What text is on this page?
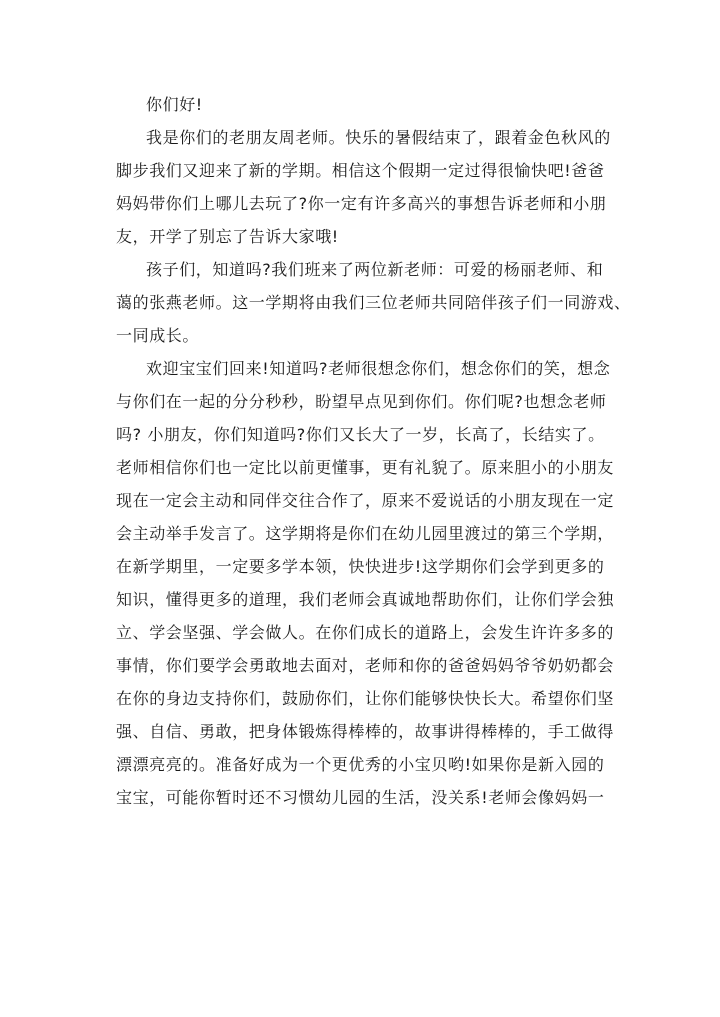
你们好!
我是你们的老朋友周老师。快乐的暑假结束了，跟着金色秋风的
脚步我们又迎来了新的学期。相信这个假期一定过得很愉快吧!爸爸
妈妈带你们上哪儿去玩了?你一定有许多高兴的事想告诉老师和小朋
友，开学了别忘了告诉大家哦!
孩子们，知道吗?我们班来了两位新老师：可爱的杨丽老师、和
蔼的张燕老师。这一学期将由我们三位老师共同陪伴孩子们一同游戏、
一同成长。
欢迎宝宝们回来!知道吗?老师很想念你们，想念你们的笑，想念
与你们在一起的分分秒秒，盼望早点见到你们。你们呢?也想念老师
吗? 小朋友，你们知道吗?你们又长大了一岁，长高了，长结实了。
老师相信你们也一定比以前更懂事，更有礼貌了。原来胆小的小朋友
现在一定会主动和同伴交往合作了，原来不爱说话的小朋友现在一定
会主动举手发言了。这学期将是你们在幼儿园里渡过的第三个学期，
在新学期里，一定要多学本领，快快进步!这学期你们会学到更多的
知识，懂得更多的道理，我们老师会真诚地帮助你们，让你们学会独
立、学会坚强、学会做人。在你们成长的道路上，会发生许许多多的
事情，你们要学会勇敢地去面对，老师和你的爸爸妈妈爷爷奶奶都会
在你的身边支持你们，鼓励你们，让你们能够快快长大。希望你们坚
强、自信、勇敢，把身体锻炼得棒棒的，故事讲得棒棒的，手工做得
漂漂亮亮的。准备好成为一个更优秀的小宝贝哟!如果你是新入园的
宝宝，可能你暂时还不习惯幼儿园的生活，没关系!老师会像妈妈一
